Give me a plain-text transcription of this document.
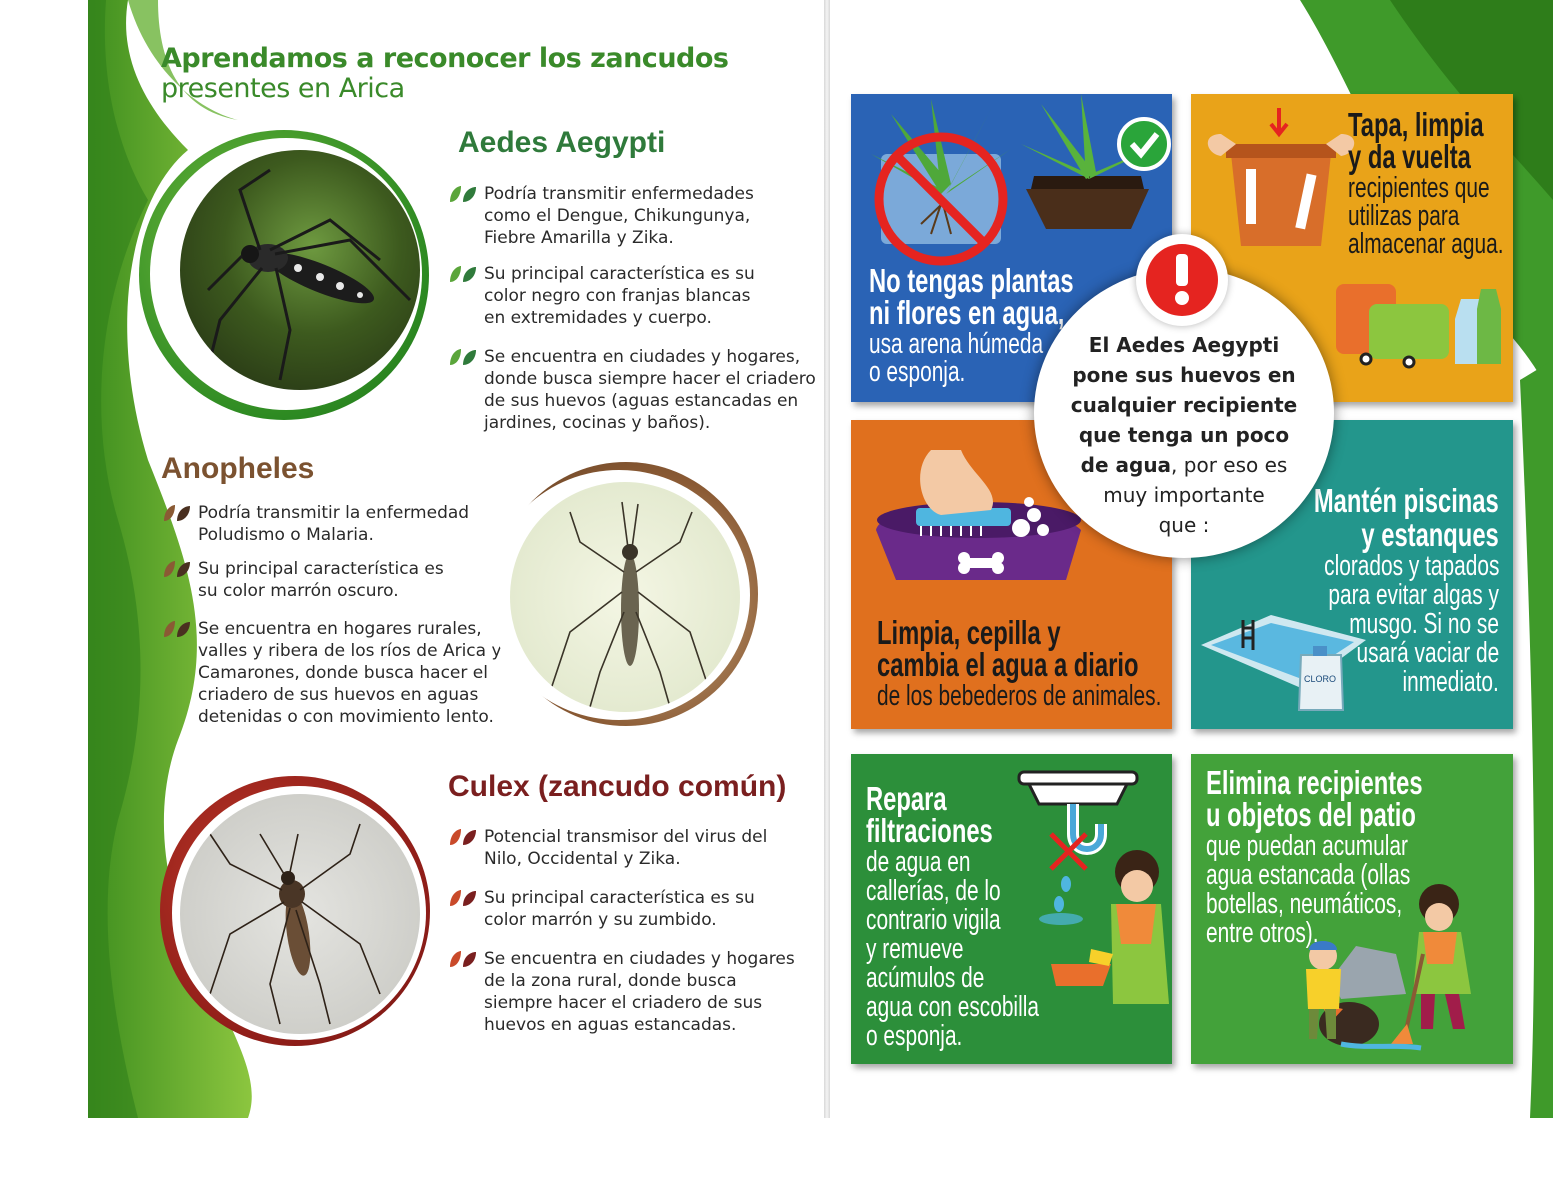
Aprendamos a reconocer los zancudos
presentes en Arica
Aedes Aegypti
Podría transmitir enfermedades
como el Dengue, Chikungunya,
Fiebre Amarilla y Zika.
Su principal característica es su
color negro con franjas blancas
en extremidades y cuerpo.
Se encuentra en ciudades y hogares,
donde busca siempre hacer el criadero
de sus huevos (aguas estancadas en
jardines, cocinas y baños).
Anopheles
Podría transmitir la enfermedad
Poludismo o Malaria.
Su principal característica es
su color marrón oscuro.
Se encuentra en hogares rurales,
valles y ribera de los ríos de Arica y
Camarones, donde busca hacer el
criadero de sus huevos en aguas
detenidas o con movimiento lento.
Culex (zancudo común)
Potencial transmisor del virus del
Nilo, Occidental y Zika.
Su principal característica es su
color marrón y su zumbido.
Se encuentra en ciudades y hogares
de la zona rural, donde busca
siempre hacer el criadero de sus
huevos en aguas estancadas.
No tengas plantas
ni flores en agua,
usa arena húmeda
o esponja.
Tapa, limpia
y da vuelta
recipientes que
utilizas para
almacenar agua.
Limpia, cepilla y
cambia el agua a diario
de los bebederos de animales.
CLORO
Mantén piscinas
y estanques
clorados y tapados
para evitar algas y
musgo. Si no se
usará vaciar de
inmediato.
Repara
filtraciones
de agua en
callerías, de lo
contrario vigila
y remueve
acúmulos de
agua con escobilla
o esponja.
Elimina recipientes
u objetos del patio
que puedan acumular
agua estancada (ollas
botellas, neumáticos,
entre otros).
El Aedes Aegypti
pone sus huevos en
cualquier recipiente
que tenga un poco
de agua, por eso es
muy importante
que :
